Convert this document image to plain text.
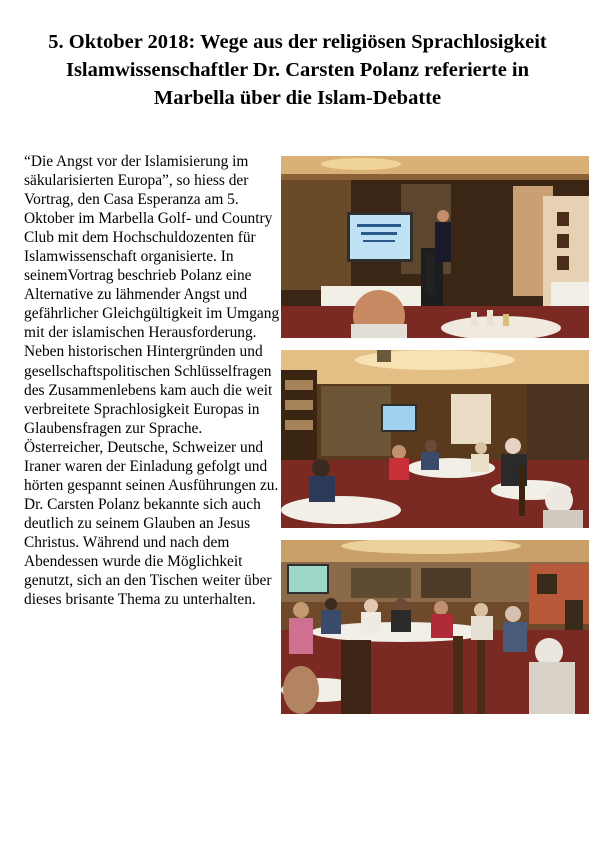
5. Oktober 2018: Wege aus der religiösen Sprachlosigkeit
Islamwissenschaftler Dr. Carsten Polanz referierte in
Marbella über die Islam-Debatte
“Die Angst vor der Islamisierung im säkularisierten Europa”, so hiess der Vortrag, den Casa Esperanza am 5. Oktober im Marbella Golf- und Country Club mit dem Hochschuldozenten für Islamwissenschaft organisierte. In seinemVortrag beschrieb Polanz eine Alternative zu lähmender Angst und gefährlicher Gleichgültigkeit im Umgang mit der islamischen Herausforderung. Neben historischen Hintergründen und gesellschaftspolitischen Schlüsselfragen des Zusammenlebens kam auch die weit verbreitete Sprachlosigkeit Europas in Glaubensfragen zur Sprache. Österreicher, Deutsche, Schweizer und Iraner waren der Einladung gefolgt und hörten gespannt seinen Ausführungen zu. Dr. Carsten Polanz bekannte sich auch deutlich zu seinem Glauben an Jesus Christus. Während und nach dem Abendessen wurde die Möglichkeit genutzt, sich an den Tischen weiter über dieses brisante Thema zu unterhalten.
